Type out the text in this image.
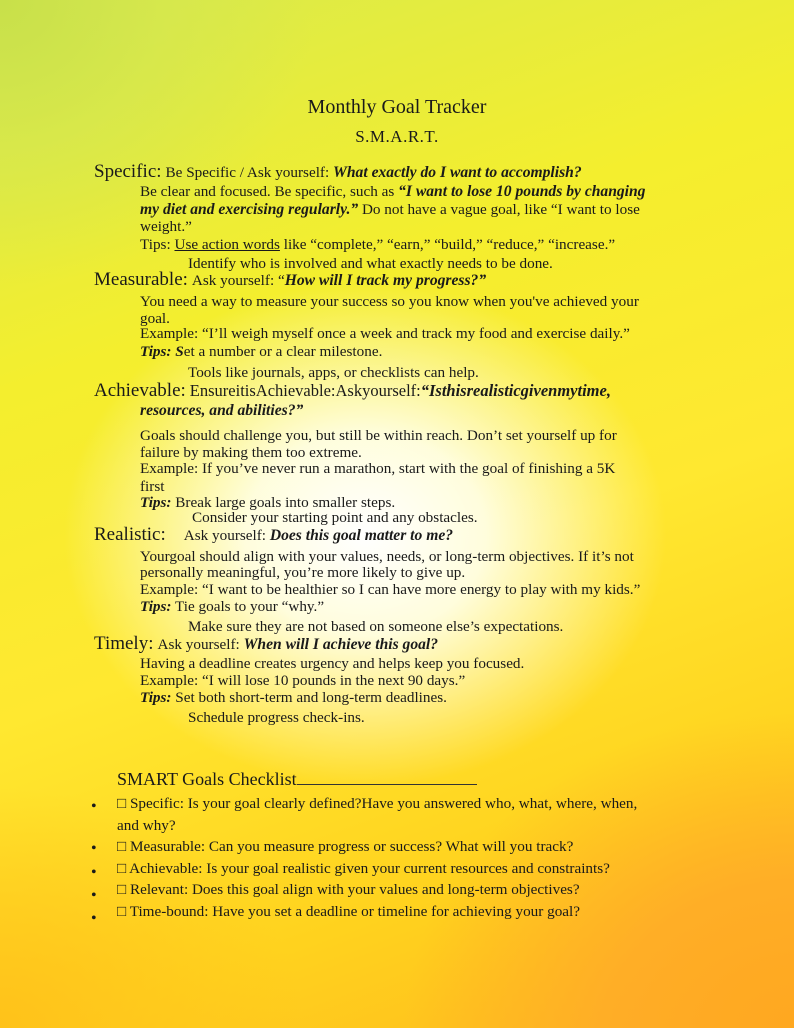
Monthly Goal Tracker
S.M.A.R.T.
Specific: Be Specific / Ask yourself: What exactly do I want to accomplish?
Be clear and focused. Be specific, such as “I want to lose 10 pounds by changing
my diet and exercising regularly.” Do not have a vague goal, like “I want to lose
weight.”
Tips: Use action words like “complete,” “earn,” “build,” “reduce,” “increase.”
Identify who is involved and what exactly needs to be done.
Measurable: Ask yourself: “How will I track my progress?”
You need a way to measure your success so you know when you've achieved your
goal.
Example: “I’ll weigh myself once a week and track my food and exercise daily.”
Tips: Set a number or a clear milestone.
Tools like journals, apps, or checklists can help.
Achievable: EnsureitisAchievable:Askyourself:“Isthisrealisticgivenmytime,
resources, and abilities?”
Goals should challenge you, but still be within reach. Don’t set yourself up for
failure by making them too extreme.
Example: If you’ve never run a marathon, start with the goal of finishing a 5K
first
Tips: Break large goals into smaller steps.
Consider your starting point and any obstacles.
Realistic: Ask yourself: Does this goal matter to me?
Yourgoal should align with your values, needs, or long-term objectives. If it’s not
personally meaningful, you’re more likely to give up.
Example: “I want to be healthier so I can have more energy to play with my kids.”
Tips: Tie goals to your “why.”
Make sure they are not based on someone else’s expectations.
Timely: Ask yourself: When will I achieve this goal?
Having a deadline creates urgency and helps keep you focused.
Example: “I will lose 10 pounds in the next 90 days.”
Tips: Set both short-term and long-term deadlines.
Schedule progress check-ins.
SMART Goals Checklist
•
•
•
•
•
□ Specific: Is your goal clearly defined?Have you answered who, what, where, when,
and why?
□ Measurable: Can you measure progress or success? What will you track?
□ Achievable: Is your goal realistic given your current resources and constraints?
□ Relevant: Does this goal align with your values and long-term objectives?
□ Time-bound: Have you set a deadline or timeline for achieving your goal?
